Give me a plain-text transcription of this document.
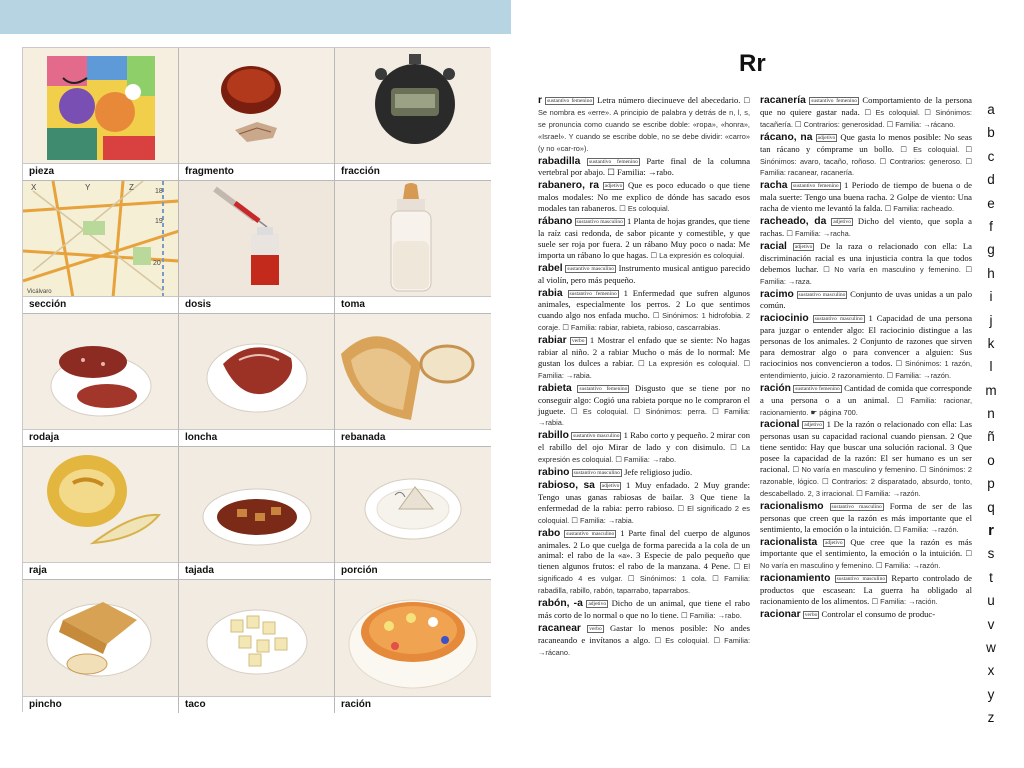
pieza	fragmento	fracción
X	Y	Z	18
19
20
Vicálvaro
sección	dosis	toma
rodaja	loncha	rebanada
raja	tajada	porción
pincho	taco	ración
Rr
r sustantivo femenino Letra número diecinueve del abecedario. ☐ Se nombra es «erre». A principio de palabra y detrás de n, l, s, se pronuncia como cuando se escribe doble: «ropa», «honra», «Israel». Y cuando se escribe doble, no se debe dividir: «carro» (y no «car-ro»).
rabadilla sustantivo femenino Parte final de la columna vertebral por abajo. ☐ Familia: →rabo.
rabanero, ra adjetivo Que es poco educado o que tiene malos modales: No me explico de dónde has sacado esos modales tan rabaneros. ☐ Es coloquial.
rábano sustantivo masculino 1 Planta de hojas grandes, que tiene la raíz casi redonda, de sabor picante y comestible, y que suele ser roja por fuera. 2 un rábano Muy poco o nada: Me importa un rábano lo que hagas. ☐ La expresión es coloquial.
rabel sustantivo masculino Instrumento musical antiguo parecido al violín, pero más pequeño.
rabia sustantivo femenino 1 Enfermedad que sufren algunos animales, especialmente los perros. 2 Lo que sentimos cuando algo nos enfada mucho. ☐ Sinónimos: 1 hidrofobia. 2 coraje. ☐ Familia: rabiar, rabieta, rabioso, cascarrabias.
rabiar verbo 1 Mostrar el enfado que se siente: No hagas rabiar al niño. 2 a rabiar Mucho o más de lo normal: Me gustan los dulces a rabiar. ☐ La expresión es coloquial. ☐ Familia: →rabia.
rabieta sustantivo femenino Disgusto que se tiene por no conseguir algo: Cogió una rabieta porque no le compraron el juguete. ☐ Es coloquial. ☐ Sinónimos: perra. ☐ Familia: →rabia.
rabillo sustantivo masculino 1 Rabo corto y pequeño. 2 mirar con el rabillo del ojo Mirar de lado y con disimulo. ☐ La expresión es coloquial. ☐ Familia: →rabo.
rabino sustantivo masculino Jefe religioso judío.
rabioso, sa adjetivo 1 Muy enfadado. 2 Muy grande: Tengo unas ganas rabiosas de bailar. 3 Que tiene la enfermedad de la rabia: perro rabioso. ☐ El significado 2 es coloquial. ☐ Familia: →rabia.
rabo sustantivo masculino 1 Parte final del cuerpo de algunos animales. 2 Lo que cuelga de forma parecida a la cola de un animal: el rabo de la «a». 3 Especie de palo pequeño que tienen algunos frutos: el rabo de la manzana. 4 Pene. ☐ El significado 4 es vulgar. ☐ Sinónimos: 1 cola. ☐ Familia: rabadilla, rabillo, rabón, taparrabo, taparrabos.
rabón, -a adjetivo Dicho de un animal, que tiene el rabo más corto de lo normal o que no lo tiene. ☐ Familia: →rabo.
racanear verbo Gastar lo menos posible: No andes racaneando e invítanos a algo. ☐ Es coloquial. ☐ Familia: →rácano.
racanería sustantivo femenino Comportamiento de la persona que no quiere gastar nada. ☐ Es coloquial. ☐ Sinónimos: tacañería. ☐ Contrarios: generosidad. ☐ Familia: →rácano.
rácano, na adjetivo Que gasta lo menos posible: No seas tan rácano y cómprame un bollo. ☐ Es coloquial. ☐ Sinónimos: avaro, tacaño, roñoso. ☐ Contrarios: generoso. ☐ Familia: racanear, racanería.
racha sustantivo femenino 1 Periodo de tiempo de buena o de mala suerte: Tengo una buena racha. 2 Golpe de viento: Una racha de viento me levantó la falda. ☐ Familia: racheado.
racheado, da adjetivo Dicho del viento, que sopla a rachas. ☐ Familia: →racha.
racial adjetivo De la raza o relacionado con ella: La discriminación racial es una injusticia contra la que todos debemos luchar. ☐ No varía en masculino y femenino. ☐ Familia: →raza.
racimo sustantivo masculino Conjunto de uvas unidas a un palo común.
raciocinio sustantivo masculino 1 Capacidad de una persona para juzgar o entender algo: El raciocinio distingue a las personas de los animales. 2 Conjunto de razones que sirven para demostrar algo o para convencer a alguien: Sus raciocinios nos convencieron a todos. ☐ Sinónimos: 1 razón, entendimiento, juicio. 2 razonamiento. ☐ Familia: →razón.
ración sustantivo femenino Cantidad de comida que corresponde a una persona o a un animal. ☐ Familia: racionar, racionamiento. ☛ página 700.
racional adjetivo 1 De la razón o relacionado con ella: Las personas usan su capacidad racional cuando piensan. 2 Que tiene sentido: Hay que buscar una solución racional. 3 Que posee la capacidad de la razón: El ser humano es un ser racional. ☐ No varía en masculino y femenino. ☐ Sinónimos: 2 razonable, lógico. ☐ Contrarios: 2 disparatado, absurdo, tonto, descabellado. 2, 3 irracional. ☐ Familia: →razón.
racionalismo sustantivo masculino Forma de ser de las personas que creen que la razón es más importante que el sentimiento, la emoción o la intuición. ☐ Familia: →razón.
racionalista adjetivo Que cree que la razón es más importante que el sentimiento, la emoción o la intuición. ☐ No varía en masculino y femenino. ☐ Familia: →razón.
racionamiento sustantivo masculino Reparto controlado de productos que escasean: La guerra ha obligado al racionamiento de los alimentos. ☐ Familia: →ración.
racionar verbo Controlar el consumo de produc-
a
b
c
d
e
f
g
h
i
j
k
l
m
n
ñ
o
p
q
r
s
t
u
v
w
x
y
z
